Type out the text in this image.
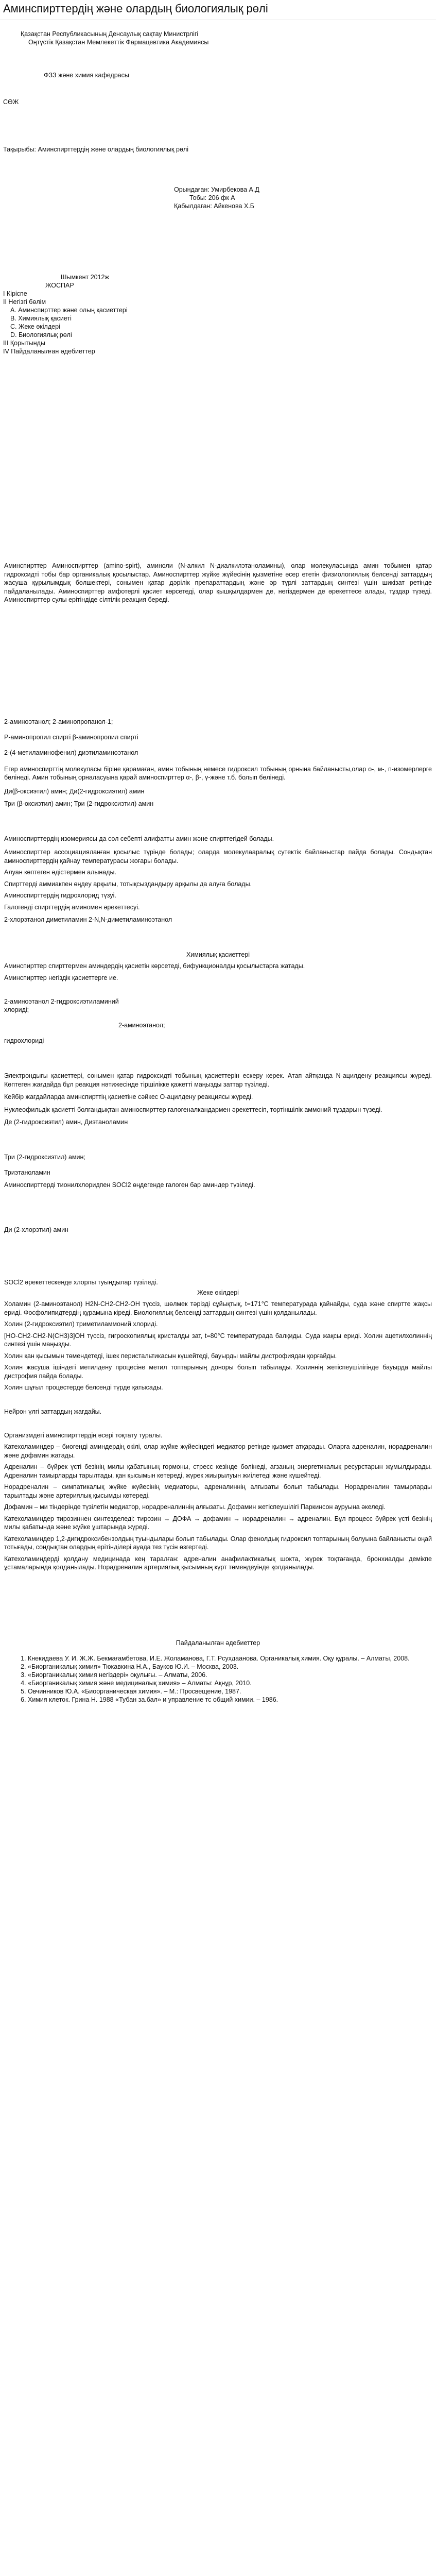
Аминспирттердің және олардың биологиялық рөлі

Қазақстан Республикасының Денсаулық сақтау Министрлігі

Оңтүстік Қазақстан Мемлекеттік Фармацевтика Академиясы

ФЗЗ және химия кафедрасы

СӨЖ

Тақырыбы: Аминспирттердің және олардың биологиялық рөлі

Орындаған: Умирбекова А.Д

Тобы: 206 фк А

Қабылдаған: Айкенова Х.Б

Шымкент 2012ж

ЖОСПАР

І Кіріспе

ІІ Негізгі бөлім

А. Аминспирттер және олың қасиеттері

B. Химиялық қасиеті

C. Жеке өкілдері

D. Биологиялық рөлі

ІІІ Қорытынды

ІV Пайдаланылған әдебиеттер

Аминспирттер Аминоспирттер (amino-spirt), аминоли (N-алкил N-диалкилэтаноламины), олар молекуласында амин тобымен қатар гидроксидті тобы бар органикалық қосылыстар. Аминоспирттер жүйке жүйесінің қызметіне әсер ететін физиологиялық белсенді заттардың жасуша құрылымдық бөлшектері, сонымен қатар дәрілік препараттардың және әр түрлі заттардың синтезі үшін шикізат ретінде пайдаланылады. Аминоспирттер амфотерлі қасиет көрсетеді, олар қышқылдармен де, негіздермен де әрекеттесе алады, тұздар түзеді. Аминоспирттер сулы ерітіндіде сілтілік реакция береді.

2-аминоэтанол; 2-аминопропанол-1;

Р-аминопропил спирті β-аминопропил спирті

2-(4-метиламинофенил) диэтиламиноэтанол

Егер аминоспирттің молекуласы біріне қарамаған, амин тобының немесе гидроксил тобының орнына байланысты,олар о-, м-, п-изомерлерге бөлінеді. Амин тобының орналасуына қарай аминоспирттер α-, β-, γ-және т.б. болып бөлінеді.

Ди(β-оксиэтил) амин; Ди(2-гидроксиэтил) амин

Три (β-оксиэтил) амин; Три (2-гидроксиэтил) амин

Аминоспирттердің изомериясы да сол себепті алифатты амин және спирттегідей болады.

Аминоспирттер ассоциацияланған қосылыс түрінде болады; оларда молекулааралық сутектік байланыстар пайда болады. Сондықтан аминоспирттердің қайнау температурасы жоғары болады.

Алуан көптеген әдістермен алынады.

Спирттерді аммиакпен өңдеу арқылы, тотықсыздандыру арқылы да алуға болады.

Аминоспирттердің гидрохлорид түзуі.

Галогенді спирттердің аминомен әрекеттесуі.

2-хлорэтанол диметиламин 2-N,N-диметиламиноэтанол

Химиялық қасиеттері

Аминспирттер спирттермен аминдердің қасиетін көрсетеді, бифункционалды қосылыстарға жатады.

Аминспирттер негіздік қасиеттерге ие.

2-аминоэтанол 2-гидроксиэтиламиний

хлориді;

2-аминоэтанол;

гидрохлориді

Электрондығы қасиеттері, сонымен қатар гидроксидті тобының қасиеттерін ескеру керек. Атап айтқанда N-ацилдену реакциясы жүреді. Көптеген жағдайда бұл реакция нәтижесінде тіршілікке қажетті маңызды заттар түзіледі.

Кейбір жағдайларда аминспирттің қасиетіне сәйкес О-ацилдену реакциясы жүреді.

Нуклеофильдік қасиетті болғандықтан аминоспирттер галогеналкандармен әрекеттесіп, төртіншілік аммоний тұздарын түзеді.

Де (2-гидроксиэтил) амин, Диэтаноламин

Три (2-гидроксиэтил) амин;

Триэтаноламин

Аминоспирттерді тионилхлоридпен SOCl2 өңдегенде галоген бар аминдер түзіледі.

Ди (2-хлорэтил) амин

SOCl2 әрекеттескенде хлорлы туындылар түзіледі.

Жеке өкілдері

Холамин (2-аминоэтанол) H2N-CH2-CH2-OH түссіз, шөлмек тәрізді сұйықтық, t=171°C температурада қайнайды, суда және спиртте жақсы ериді. Фосфолипидтердің құрамына кіреді. Биологиялық белсенді заттардың синтезі үшін қолданылады.

Холин (2-гидроксиэтил) триметиламмоний хлориді.

[HO-CH2-CH2-N(CH3)3]OH түссіз, гигроскопиялық кристалды зат, t=80°C температурада балқиды. Суда жақсы ериді. Холин ацетилхолиннің синтезі үшін маңызды.

Холин қан қысымын төмендетеді, ішек перистальтикасын күшейтеді, бауырды майлы дистрофиядан қорғайды.

Холин жасуша ішіндегі метилдену процесіне метил топтарының доноры болып табылады. Холиннің жетіспеушілігінде бауырда майлы дистрофия пайда болады.

Холин шұғыл процестерде белсенді түрде қатысады.

Нейрон үлгі заттардың жағдайы.

Организмдегі аминспирттердің әсері тоқтату туралы.

Катехоламиндер – биогенді аминдердің өкілі, олар жүйке жүйесіндегі медиатор ретінде қызмет атқарады. Оларға адреналин, норадреналин және дофамин жатады.

Адреналин – бүйрек үсті безінің милы қабатының гормоны, стресс кезінде бөлінеді, ағзаның энергетикалық ресурстарын жұмылдырады. Адреналин тамырларды тарылтады, қан қысымын көтереді, жүрек жиырылуын жиілетеді және күшейтеді.

Норадреналин – симпатикалық жүйке жүйесінің медиаторы, адреналиннің алғызаты болып табылады. Норадреналин тамырларды тарылтады және артериялық қысымды көтереді.

Дофамин – ми тіндерінде түзілетін медиатор, норадреналиннің алғызаты. Дофамин жетіспеушілігі Паркинсон ауруына әкеледі.

Катехоламиндер тирозиннен синтезделеді: тирозин → ДОФА → дофамин → норадреналин → адреналин. Бұл процесс бүйрек үсті безінің милы қабатында және жүйке ұштарында жүреді.

Катехоламиндер 1,2-дигидроксибензолдың туындылары болып табылады. Олар фенолдық гидроксил топтарының болуына байланысты оңай тотығады, сондықтан олардың ерітінділері ауада тез түсін өзгертеді.

Катехоламиндерді қолдану медицинада кең таралған: адреналин анафилактикалық шокта, жүрек тоқтағанда, бронхиалды демікпе ұстамаларында қолданылады. Норадреналин артериялық қысымның күрт төмендеуінде қолданылады.

Пайдаланылған әдебиеттер

1. Кнекидаева У. И. Ж.Ж. Бекмағамбетова, И.Е. Жоламанова, Г.Т. Рсухдаанова. Органикалық химия. Оқу құралы. – Алматы, 2008.
2. «Биорганикалық химия» Тюкавкина Н.А., Бауков Ю.И. – Москва, 2003.
3. «Биорганикалық химия негіздері» оқулығы. – Алматы, 2006.
4. «Биорганикалық химия және медициналық химия» – Алматы: Ақнұр, 2010.
5. Овчинников Ю.А. «Биоорганическая химия». – М.: Просвещение, 1987.
6. Химия клеток. Грина Н. 1988 «Тубан за.бал» и управление тс общий химии. – 1986.
